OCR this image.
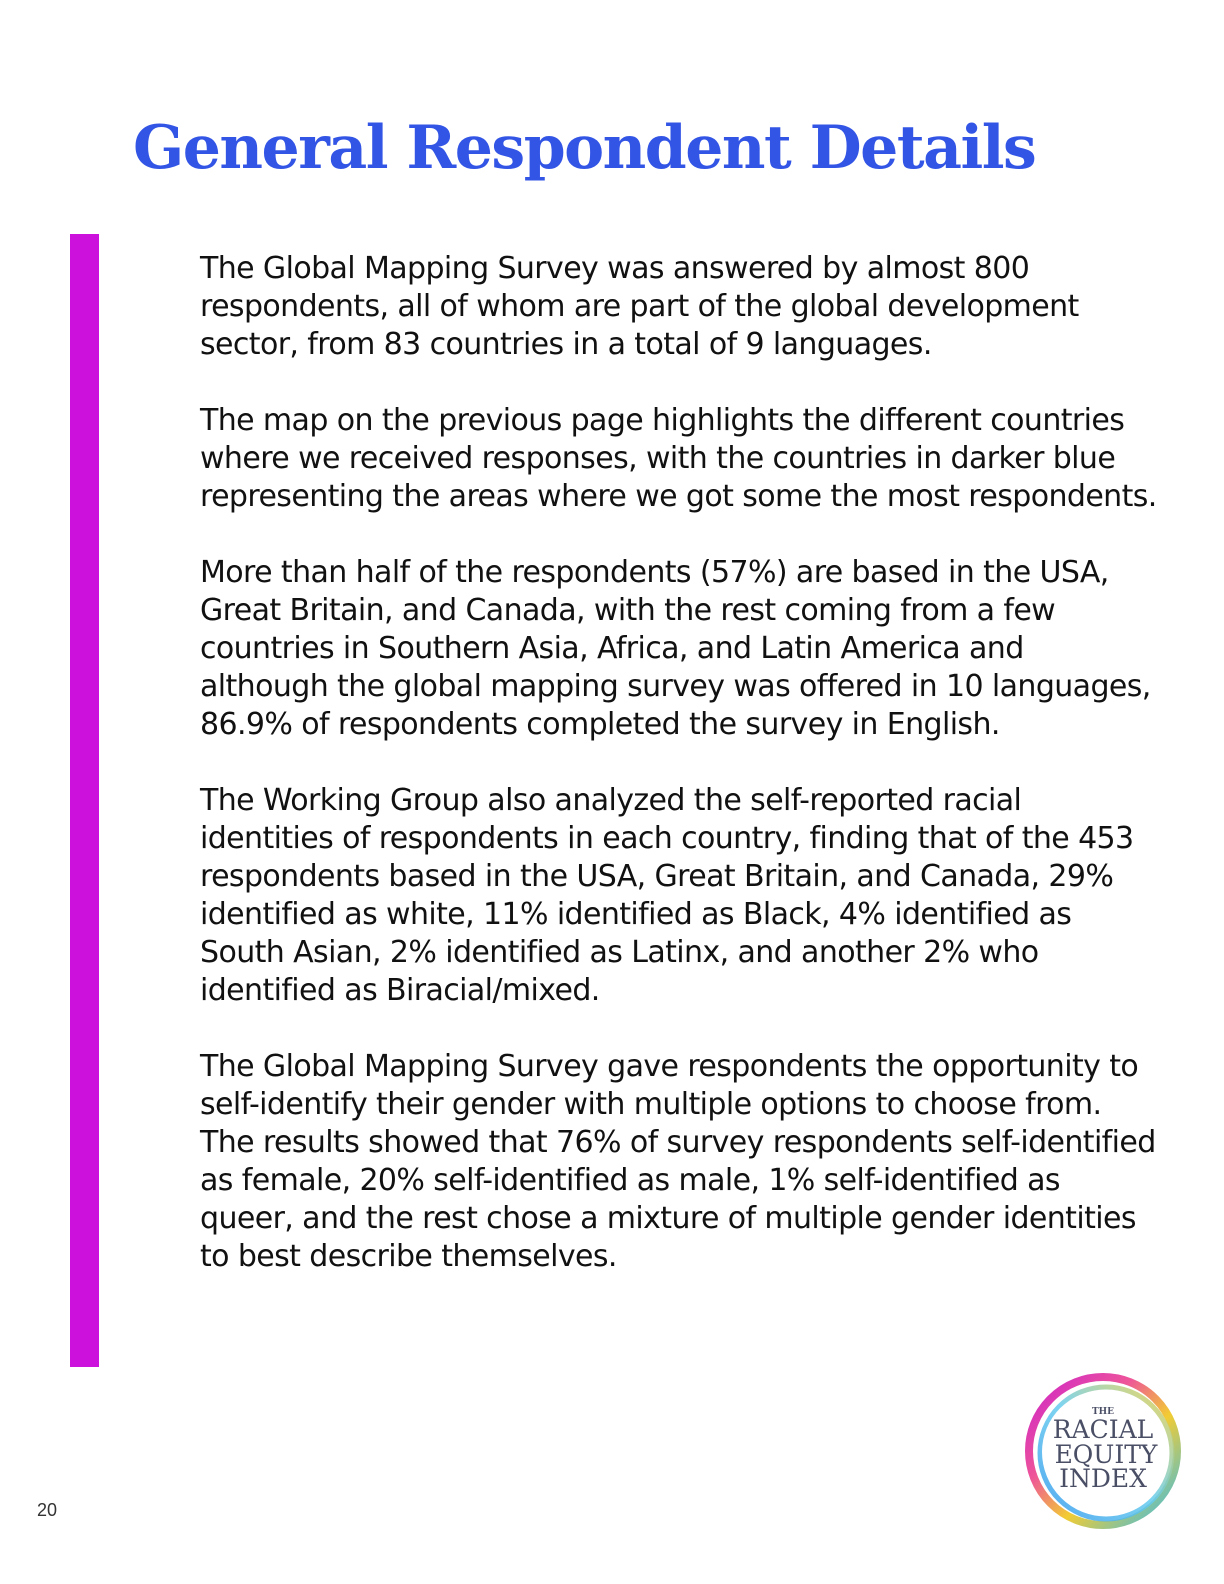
General Respondent Details

The Global Mapping Survey was answered by almost 800 respondents, all of whom are part of the global development sector, from 83 countries in a total of 9 languages.

The map on the previous page highlights the different countries where we received responses, with the countries in darker blue representing the areas where we got some the most respondents.

More than half of the respondents (57%) are based in the USA, Great Britain, and Canada, with the rest coming from a few countries in Southern Asia, Africa, and Latin America and although the global mapping survey was offered in 10 languages, 86.9% of respondents completed the survey in English.

The Working Group also analyzed the self-reported racial identities of respondents in each country, finding that of the 453 respondents based in the USA, Great Britain, and Canada, 29% identified as white, 11% identified as Black, 4% identified as South Asian, 2% identified as Latinx, and another 2% who identified as Biracial/mixed.

The Global Mapping Survey gave respondents the opportunity to self-identify their gender with multiple options to choose from. The results showed that 76% of survey respondents self-identified as female, 20% self-identified as male, 1% self-identified as queer, and the rest chose a mixture of multiple gender identities to best describe themselves.

20
THE
RACIAL
EQUITY
INDEX
